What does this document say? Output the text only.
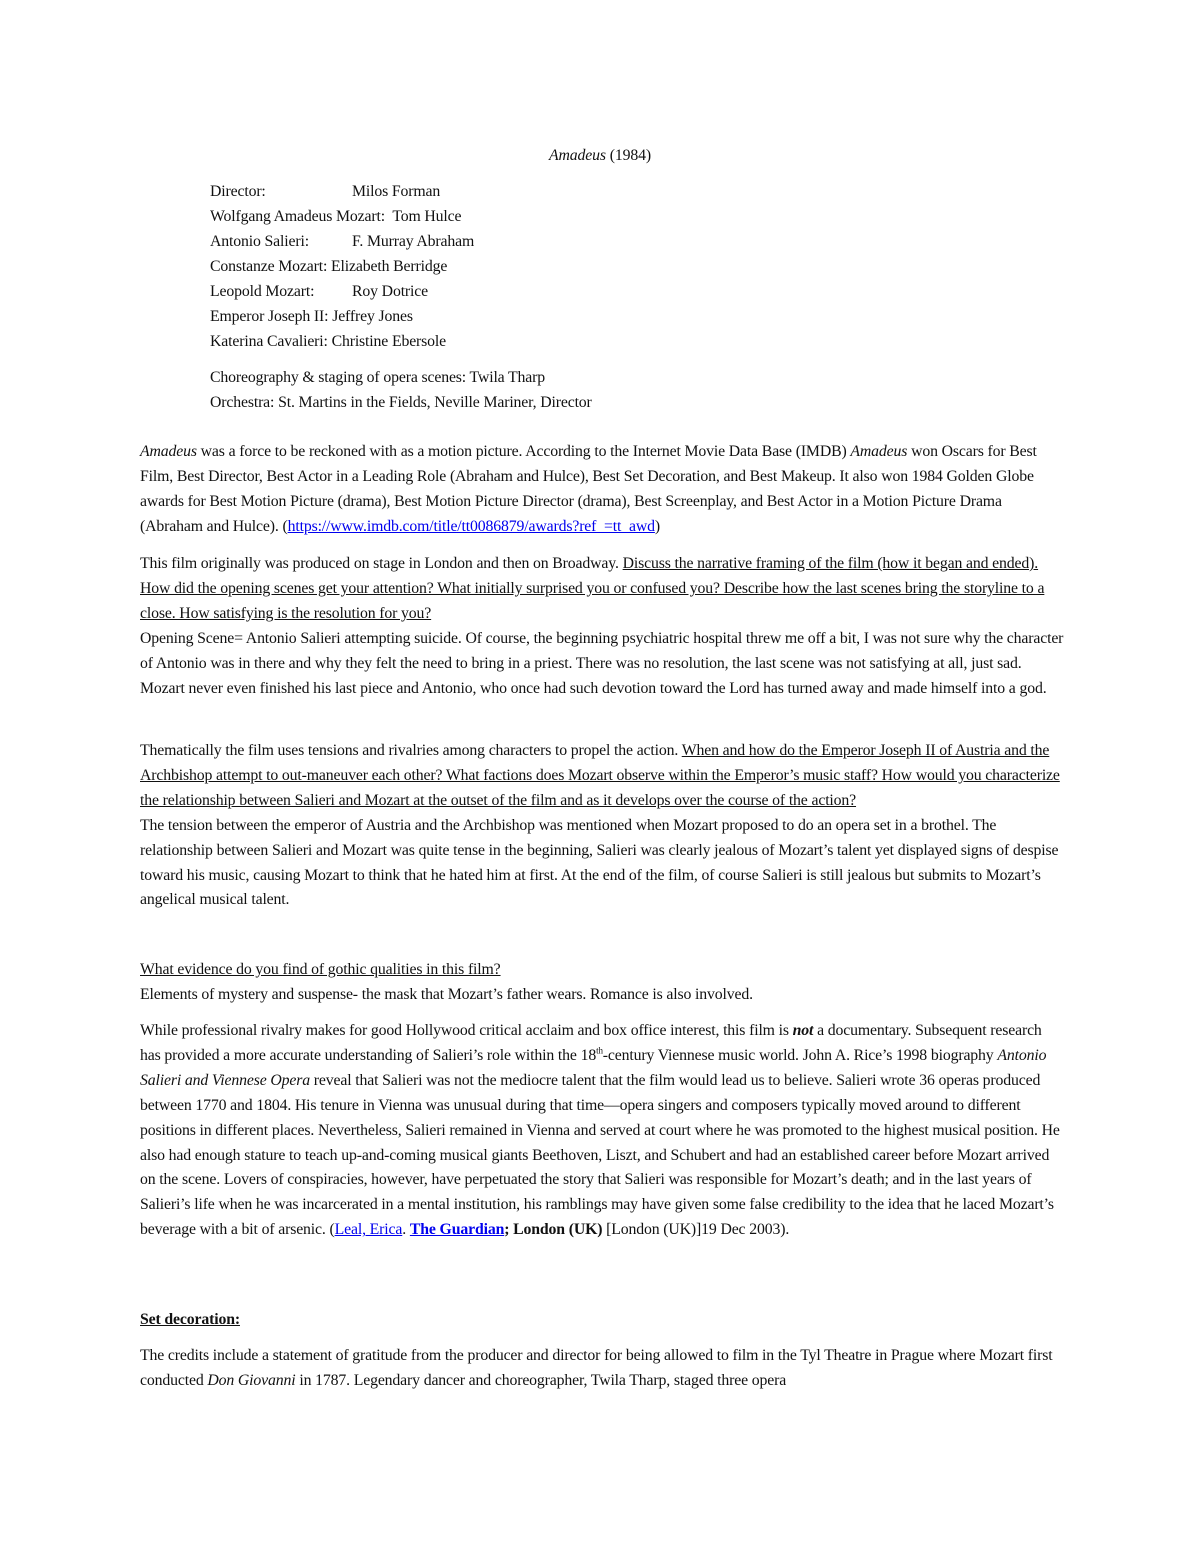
Amadeus (1984)
Director:	Milos Forman
Wolfgang Amadeus Mozart: Tom Hulce
Antonio Salieri:	F. Murray Abraham
Constanze Mozart: Elizabeth Berridge
Leopold Mozart: Roy Dotrice
Emperor Joseph II: Jeffrey Jones
Katerina Cavalieri: Christine Ebersole
Choreography & staging of opera scenes: Twila Tharp
Orchestra: St. Martins in the Fields, Neville Mariner, Director

Amadeus was a force to be reckoned with as a motion picture. According to the Internet Movie Data Base (IMDB) Amadeus won Oscars for Best Film, Best Director, Best Actor in a Leading Role (Abraham and Hulce), Best Set Decoration, and Best Makeup. It also won 1984 Golden Globe awards for Best Motion Picture (drama), Best Motion Picture Director (drama), Best Screenplay, and Best Actor in a Motion Picture Drama (Abraham and Hulce). (https://www.imdb.com/title/tt0086879/awards?ref_=tt_awd)

This film originally was produced on stage in London and then on Broadway. Discuss the narrative framing of the film (how it began and ended). How did the opening scenes get your attention? What initially surprised you or confused you? Describe how the last scenes bring the storyline to a close. How satisfying is the resolution for you?
Opening Scene= Antonio Salieri attempting suicide. Of course, the beginning psychiatric hospital threw me off a bit, I was not sure why the character of Antonio was in there and why they felt the need to bring in a priest. There was no resolution, the last scene was not satisfying at all, just sad. Mozart never even finished his last piece and Antonio, who once had such devotion toward the Lord has turned away and made himself into a god.

Thematically the film uses tensions and rivalries among characters to propel the action. When and how do the Emperor Joseph II of Austria and the Archbishop attempt to out-maneuver each other? What factions does Mozart observe within the Emperor’s music staff? How would you characterize the relationship between Salieri and Mozart at the outset of the film and as it develops over the course of the action?
The tension between the emperor of Austria and the Archbishop was mentioned when Mozart proposed to do an opera set in a brothel. The relationship between Salieri and Mozart was quite tense in the beginning, Salieri was clearly jealous of Mozart’s talent yet displayed signs of despise toward his music, causing Mozart to think that he hated him at first. At the end of the film, of course Salieri is still jealous but submits to Mozart’s angelical musical talent.

What evidence do you find of gothic qualities in this film?
Elements of mystery and suspense- the mask that Mozart’s father wears. Romance is also involved.

While professional rivalry makes for good Hollywood critical acclaim and box office interest, this film is not a documentary. Subsequent research has provided a more accurate understanding of Salieri’s role within the 18th-century Viennese music world. John A. Rice’s 1998 biography Antonio Salieri and Viennese Opera reveal that Salieri was not the mediocre talent that the film would lead us to believe. Salieri wrote 36 operas produced between 1770 and 1804. His tenure in Vienna was unusual during that time—opera singers and composers typically moved around to different positions in different places. Nevertheless, Salieri remained in Vienna and served at court where he was promoted to the highest musical position. He also had enough stature to teach up-and-coming musical giants Beethoven, Liszt, and Schubert and had an established career before Mozart arrived on the scene. Lovers of conspiracies, however, have perpetuated the story that Salieri was responsible for Mozart’s death; and in the last years of Salieri’s life when he was incarcerated in a mental institution, his ramblings may have given some false credibility to the idea that he laced Mozart’s beverage with a bit of arsenic. (Leal, Erica. The Guardian; London (UK) [London (UK)]19 Dec 2003).

Set decoration:

The credits include a statement of gratitude from the producer and director for being allowed to film in the Tyl Theatre in Prague where Mozart first conducted Don Giovanni in 1787. Legendary dancer and choreographer, Twila Tharp, staged three opera
